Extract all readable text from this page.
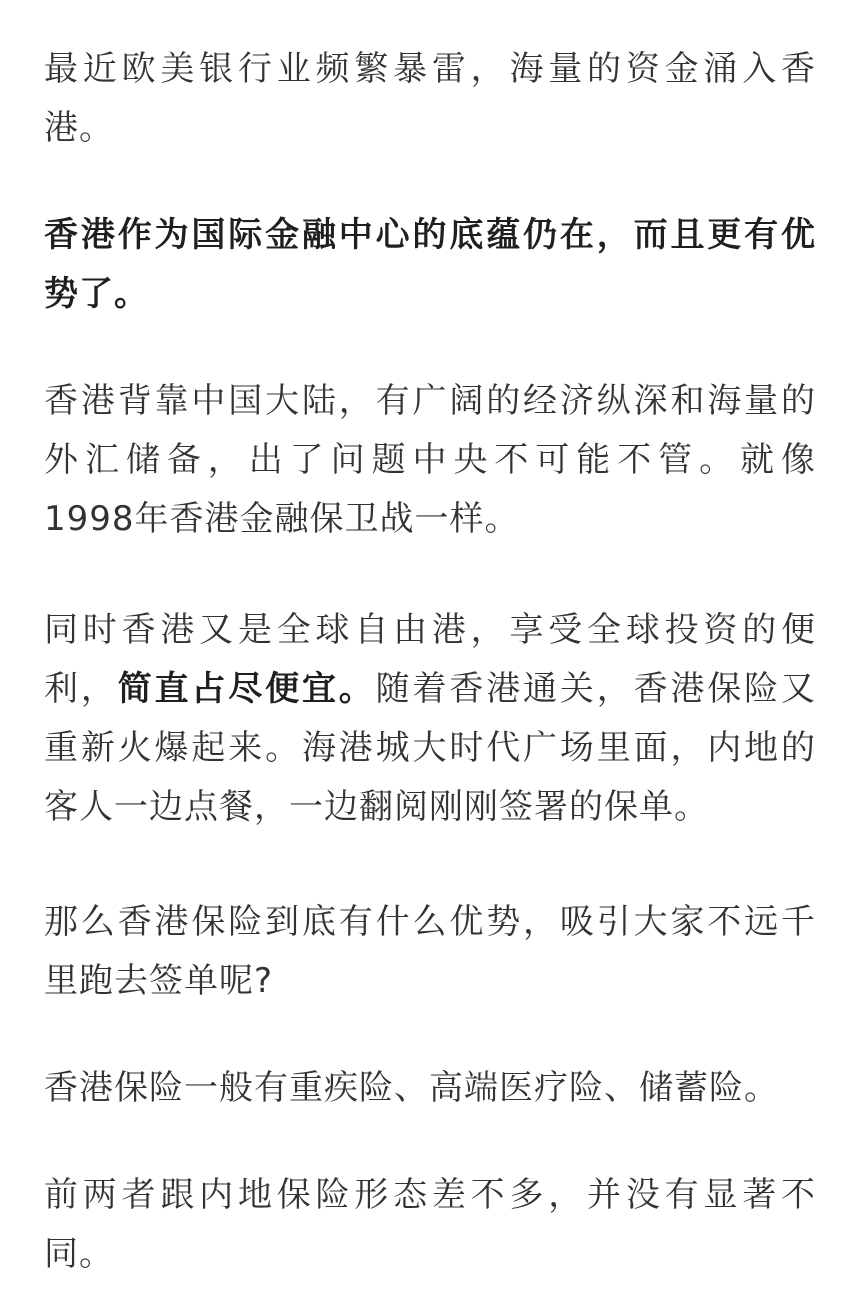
最近欧美银行业频繁暴雷，海量的资金涌入香
港。

香港作为国际金融中心的底蕴仍在，而且更有优
势了。

香港背靠中国大陆，有广阔的经济纵深和海量的
外汇储备，出了问题中央不可能不管。就像
1998年香港金融保卫战一样。

同时香港又是全球自由港，享受全球投资的便
利，简直占尽便宜。随着香港通关，香港保险又
重新火爆起来。海港城大时代广场里面，内地的
客人一边点餐，一边翻阅刚刚签署的保单。

那么香港保险到底有什么优势，吸引大家不远千
里跑去签单呢?

香港保险一般有重疾险、高端医疗险、储蓄险。

前两者跟内地保险形态差不多，并没有显著不
同。
